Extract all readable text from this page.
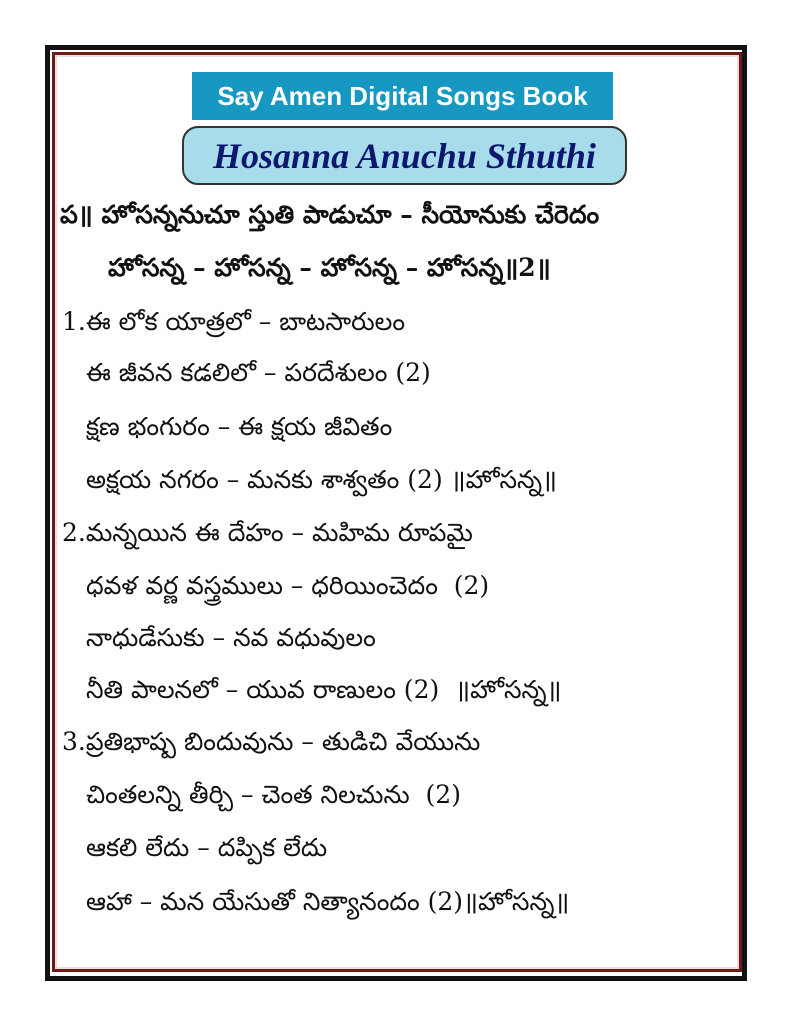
Say Amen Digital Songs Book
Hosanna Anuchu Sthuthi
ప॥ హోసన్ననుచూ స్తుతి పాడుచూ – సీయోనుకు చేరెదం
హోసన్న – హోసన్న – హోసన్న – హోసన్న॥2॥
1.ఈ లోక యాత్రలో – బాటసారులం
ఈ జీవన కడలిలో – పరదేశులం (2)
క్షణ భంగురం – ఈ క్షయ జీవితం
అక్షయ నగరం – మనకు శాశ్వతం (2) ॥హోసన్న॥
2.మన్నయిన ఈ దేహం – మహిమ రూపమై
ధవళ వర్ణ వస్త్రములు – ధరియించెదం  (2)
నాధుడేసుకు – నవ వధువులం
నీతి పాలనలో – యువ రాణులం (2)  ॥హోసన్న॥
3.ప్రతిభాష్ప బిందువును – తుడిచి వేయును
చింతలన్ని తీర్చి – చెంత నిలచును  (2)
ఆకలి లేదు – దప్పిక లేదు
ఆహా – మన యేసుతో నిత్యానందం (2)॥హోసన్న॥
